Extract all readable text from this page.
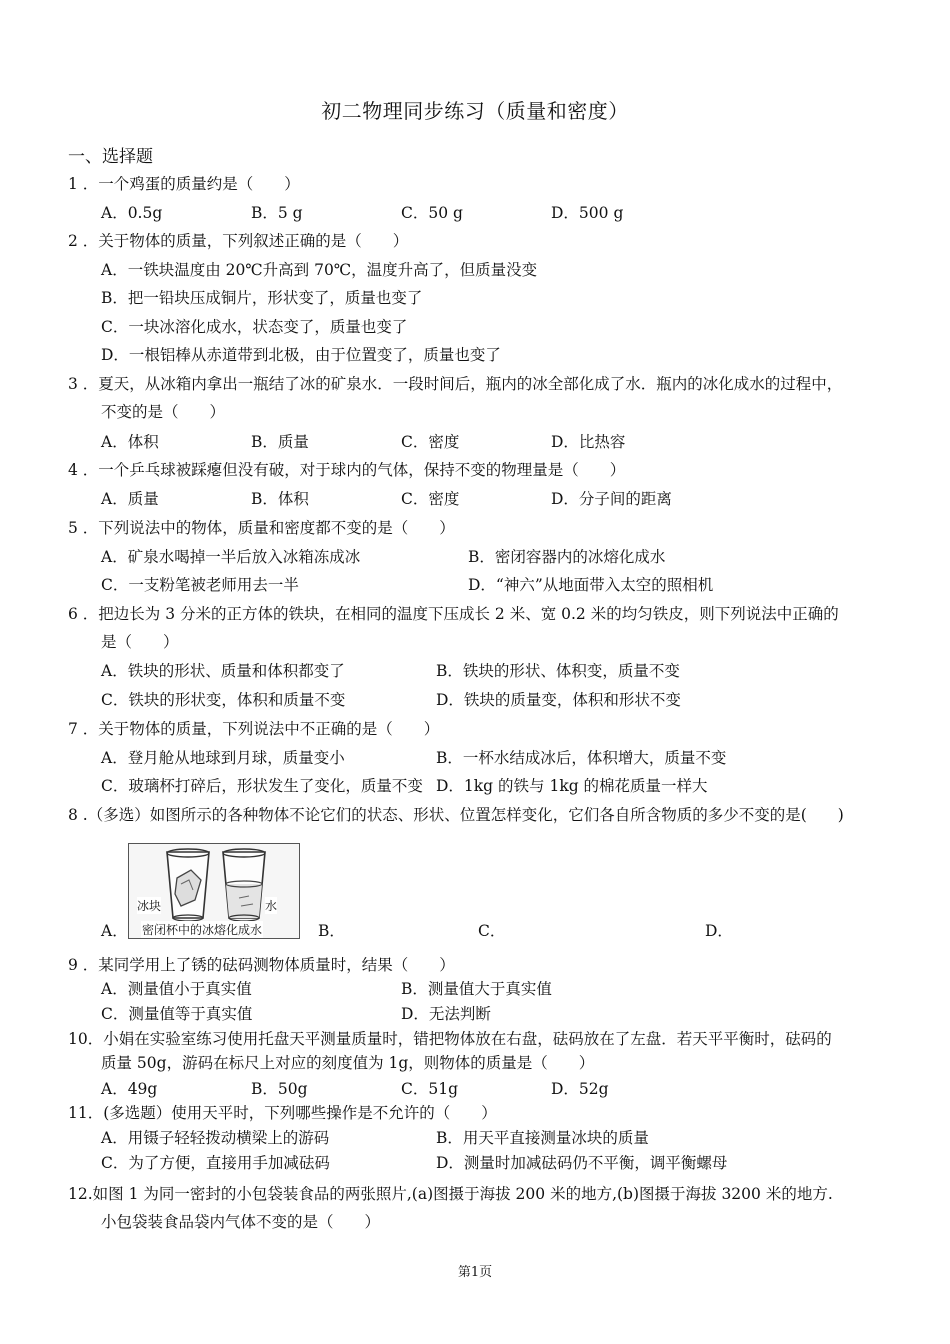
初二物理同步练习（质量和密度）
一、选择题
1 ．一个鸡蛋的质量约是（　　）
A．0.5g	B．5 g	C．50 g	D．500 g
2 ．关于物体的质量，下列叙述正确的是（　　）
A．一铁块温度由 20℃升高到 70℃，温度升高了，但质量没变
B．把一铅块压成铜片，形状变了，质量也变了
C．一块冰溶化成水，状态变了，质量也变了
D．一根铝棒从赤道带到北极，由于位置变了，质量也变了
3 ．夏天，从冰箱内拿出一瓶结了冰的矿泉水．一段时间后，瓶内的冰全部化成了水．瓶内的冰化成水的过程中，
不变的是（　　）
A．体积	B．质量	C．密度	D．比热容
4 ．一个乒乓球被踩瘪但没有破，对于球内的气体，保持不变的物理量是（　　）
A．质量	B．体积	C．密度	D．分子间的距离
5 ．下列说法中的物体，质量和密度都不变的是（　　）
A．矿泉水喝掉一半后放入冰箱冻成冰	B．密闭容器内的冰熔化成水
C．一支粉笔被老师用去一半	D．“神六”从地面带入太空的照相机
6 ．把边长为 3 分米的正方体的铁块，在相同的温度下压成长 2 米、宽 0.2 米的均匀铁皮，则下列说法中正确的
是（　　）
A．铁块的形状、质量和体积都变了	B．铁块的形状、体积变，质量不变
C．铁块的形状变，体积和质量不变	D．铁块的质量变，体积和形状不变
7 ．关于物体的质量，下列说法中不正确的是（　　）
A．登月舱从地球到月球，质量变小	B．一杯水结成冰后，体积增大，质量不变
C．玻璃杯打碎后，形状发生了变化，质量不变 D．1kg 的铁与 1kg 的棉花质量一样大
8 .（多选）如图所示的各种物体不论它们的状态、形状、位置怎样变化，它们各自所含物质的多少不变的是(　　)
冰块	水
密闭杯中的冰熔化成水
A．	B．	C．	D．
9 ．某同学用上了锈的砝码测物体质量时，结果（　　）
A．测量值小于真实值	B．测量值大于真实值
C．测量值等于真实值	D．无法判断
10．小娟在实验室练习使用托盘天平测量质量时，错把物体放在右盘，砝码放在了左盘．若天平平衡时，砝码的
质量 50g，游码在标尺上对应的刻度值为 1g，则物体的质量是（　　）
A．49g	B．50g	C．51g	D．52g
11．(多选题）使用天平时，下列哪些操作是不允许的（　　）
A．用镊子轻轻拨动横梁上的游码	B．用天平直接测量冰块的质量
C．为了方便，直接用手加减砝码	D．测量时加减砝码仍不平衡，调平衡螺母
12.如图 1 为同一密封的小包袋装食品的两张照片,(a)图摄于海拔 200 米的地方,(b)图摄于海拔 3200 米的地方.
小包袋装食品袋内气体不变的是（　　）
第1页
